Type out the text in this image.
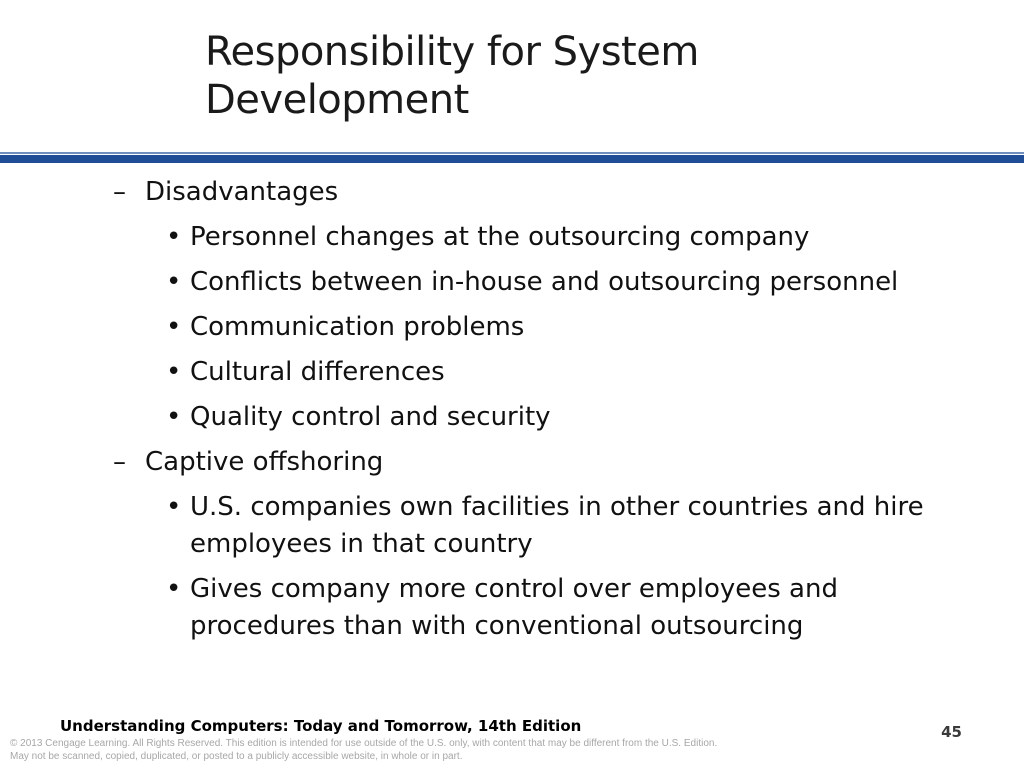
Responsibility for System
Development
– Disadvantages
• Personnel changes at the outsourcing company
• Conflicts between in-house and outsourcing personnel
• Communication problems
• Cultural differences
• Quality control and security
– Captive offshoring
• U.S. companies own facilities in other countries and hire employees in that country
• Gives company more control over employees and procedures than with conventional outsourcing
Understanding Computers: Today and Tomorrow, 14th Edition	45
© 2013 Cengage Learning. All Rights Reserved. This edition is intended for use outside of the U.S. only, with content that may be different from the U.S. Edition.
May not be scanned, copied, duplicated, or posted to a publicly accessible website, in whole or in part.
